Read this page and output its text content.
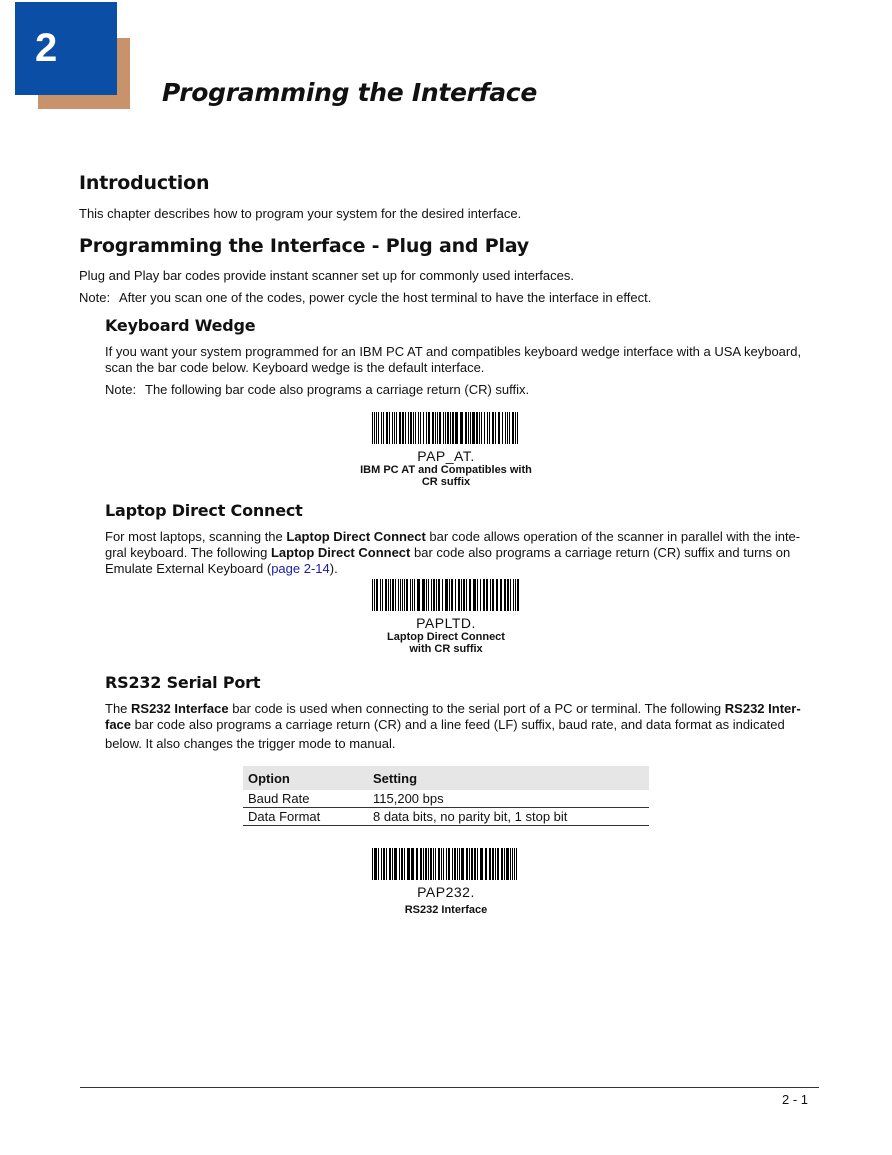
2
Programming the Interface
Introduction

This chapter describes how to program your system for the desired interface.

Programming the Interface - Plug and Play

Plug and Play bar codes provide instant scanner set up for commonly used interfaces.

Note: After you scan one of the codes, power cycle the host terminal to have the interface in effect.

Keyboard Wedge

If you want your system programmed for an IBM PC AT and compatibles keyboard wedge interface with a USA keyboard,

scan the bar code below. Keyboard wedge is the default interface.

Note: The following bar code also programs a carriage return (CR) suffix.

PAP_AT.
IBM PC AT and Compatibles with
CR suffix
Laptop Direct Connect

For most laptops, scanning the Laptop Direct Connect bar code allows operation of the scanner in parallel with the inte-

gral keyboard. The following Laptop Direct Connect bar code also programs a carriage return (CR) suffix and turns on

Emulate External Keyboard (page 2-14).

PAPLTD.
Laptop Direct Connect
with CR suffix
RS232 Serial Port

The RS232 Interface bar code is used when connecting to the serial port of a PC or terminal. The following RS232 Inter-

face bar code also programs a carriage return (CR) and a line feed (LF) suffix, baud rate, and data format as indicated

below. It also changes the trigger mode to manual.

Option	Setting
Baud Rate	115,200 bps
Data Format	8 data bits, no parity bit, 1 stop bit
PAP232.
RS232 Interface
2 - 1
